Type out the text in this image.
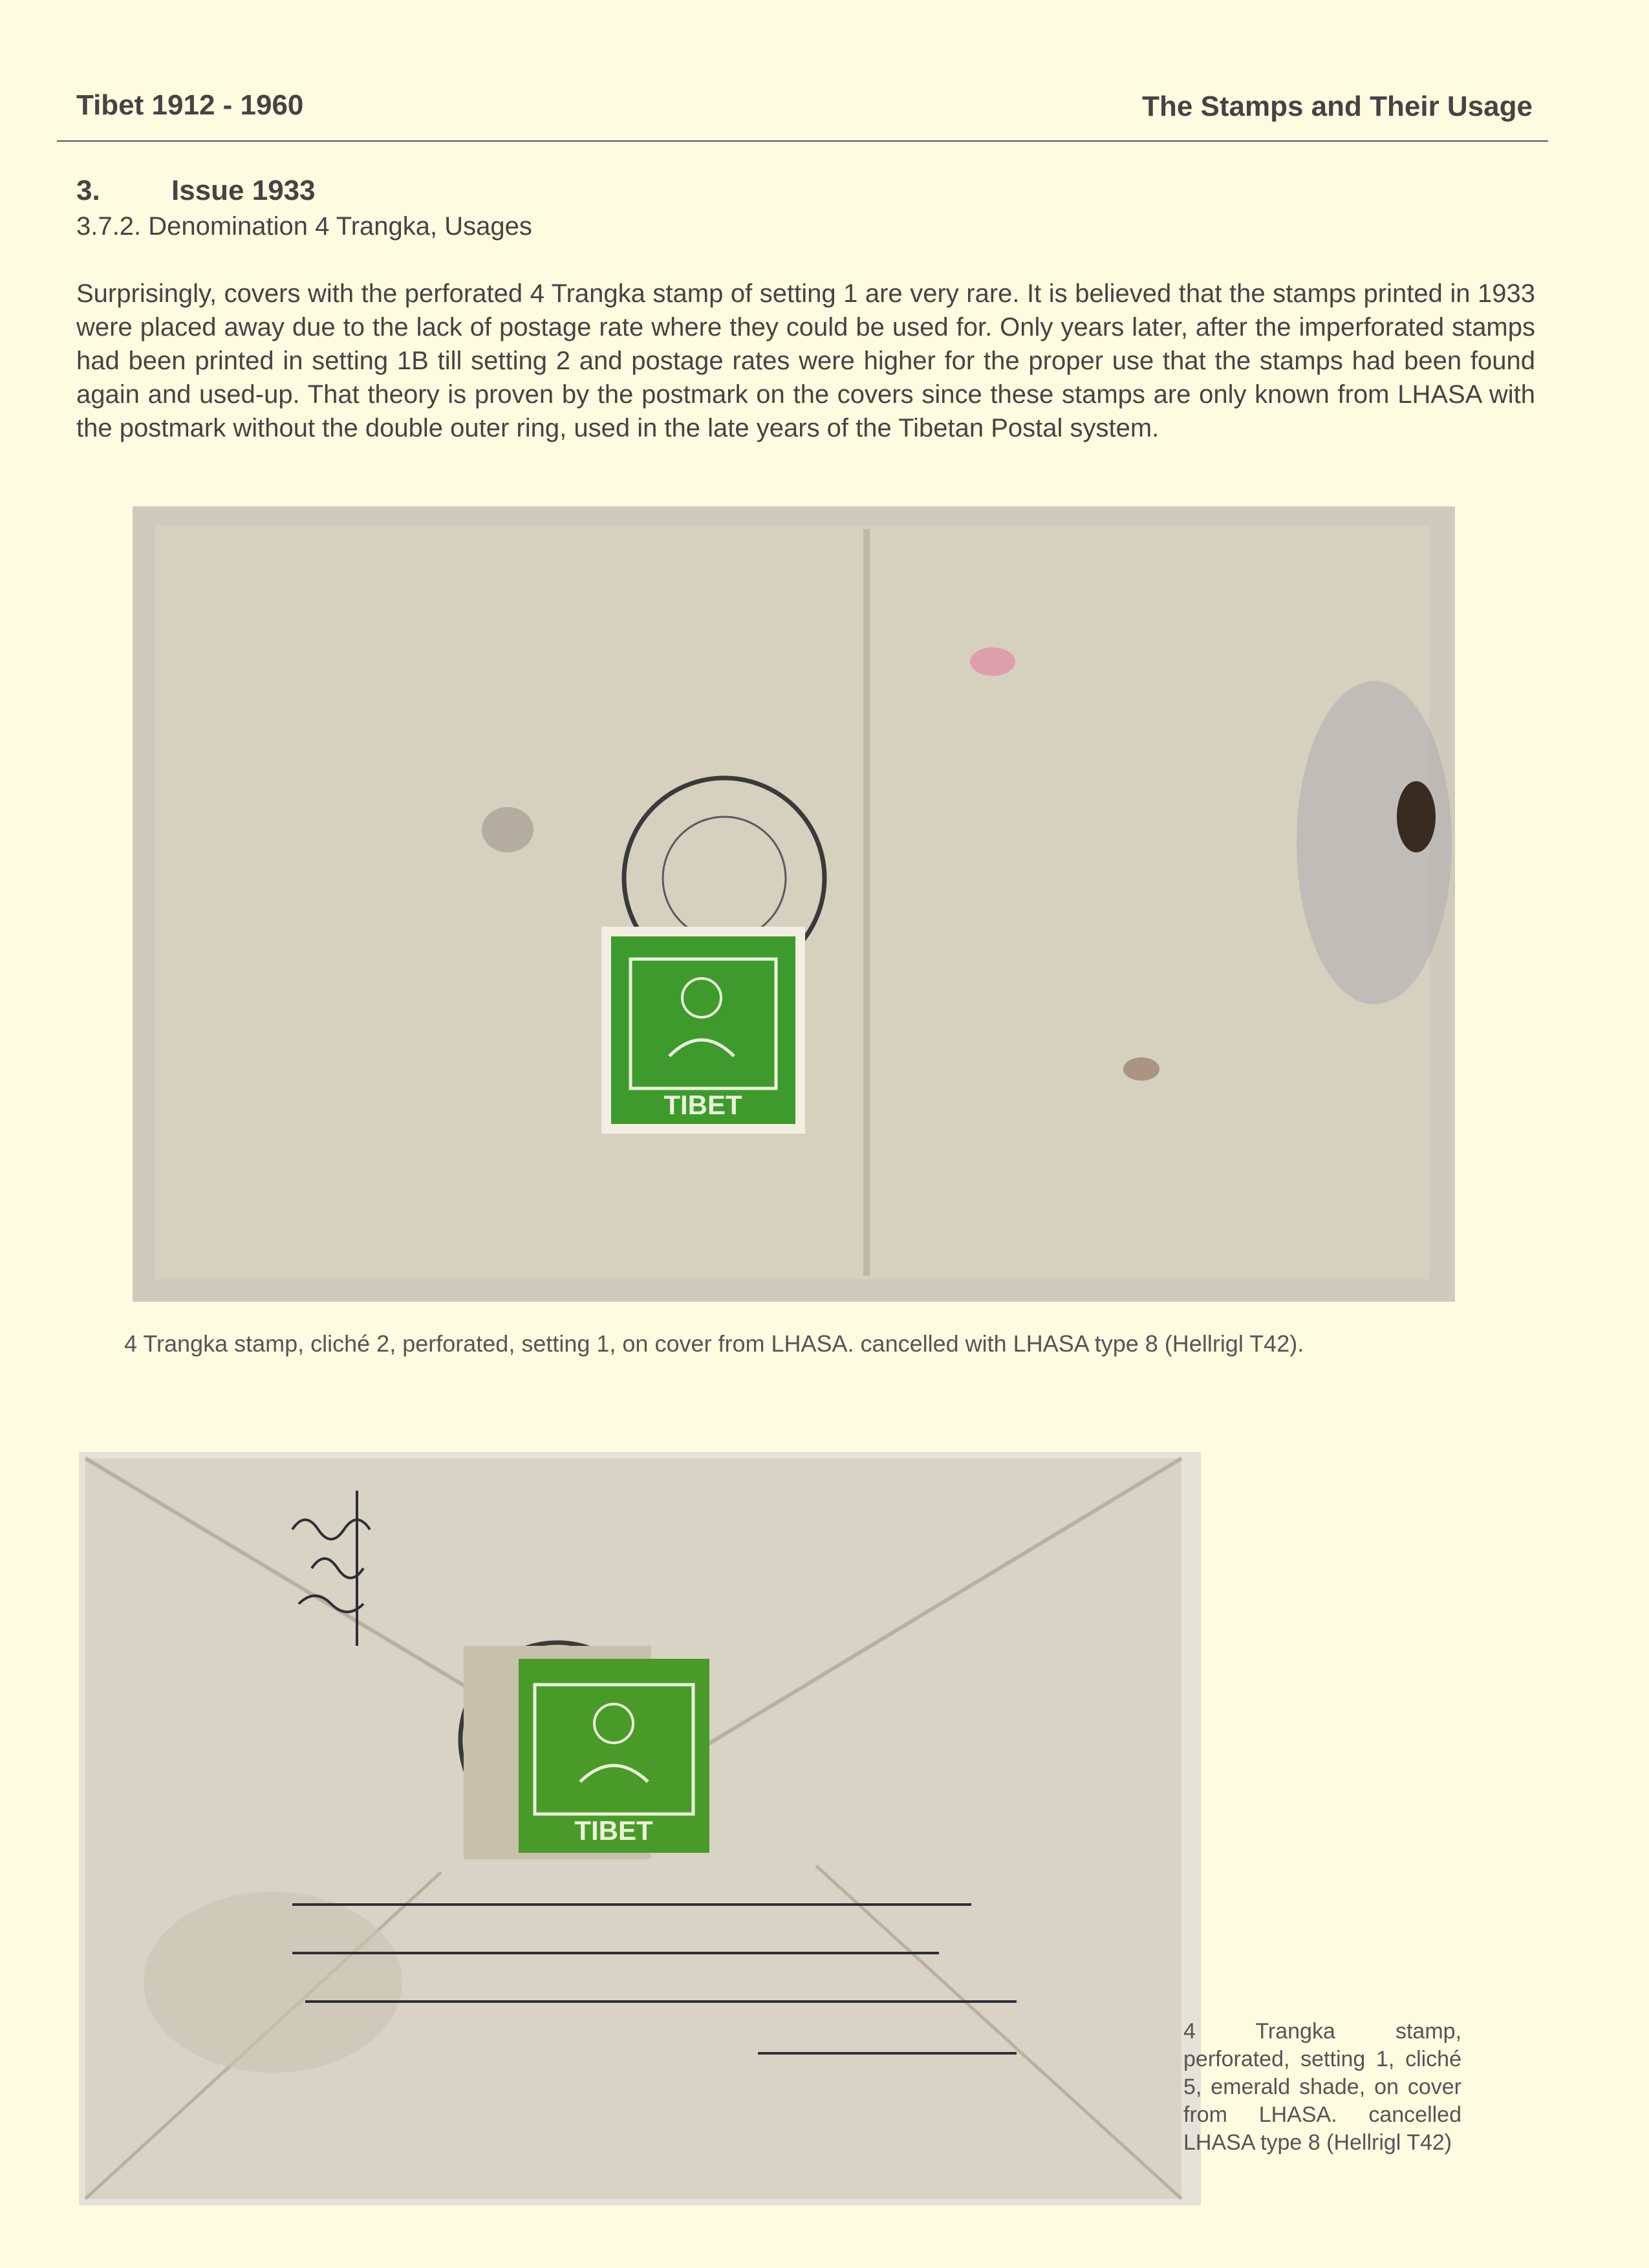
Tibet 1912 - 1960	The Stamps and Their Usage
3.	Issue 1933
3.7.2. Denomination 4 Trangka, Usages
Surprisingly, covers with the perforated 4 Trangka stamp of setting 1 are very rare. It is believed that the stamps printed in 1933 were placed away due to the lack of postage rate where they could be used for. Only years later, after the imperforated stamps had been printed in setting 1B till setting 2 and postage rates were higher for the proper use that the stamps had been found again and used-up. That theory is proven by the postmark on the covers since these stamps are only known from LHASA with the postmark without the double outer ring, used in the late years of the Tibetan Postal system.
TIBET
4 Trangka stamp, cliché 2, perforated, setting 1, on cover from LHASA. cancelled with LHASA type 8 (Hellrigl T42).
TIBET
4 Trangka stamp, perforated, setting 1, cliché 5, emerald shade, on cover from LHASA. cancelled LHASA type 8 (Hellrigl T42)
